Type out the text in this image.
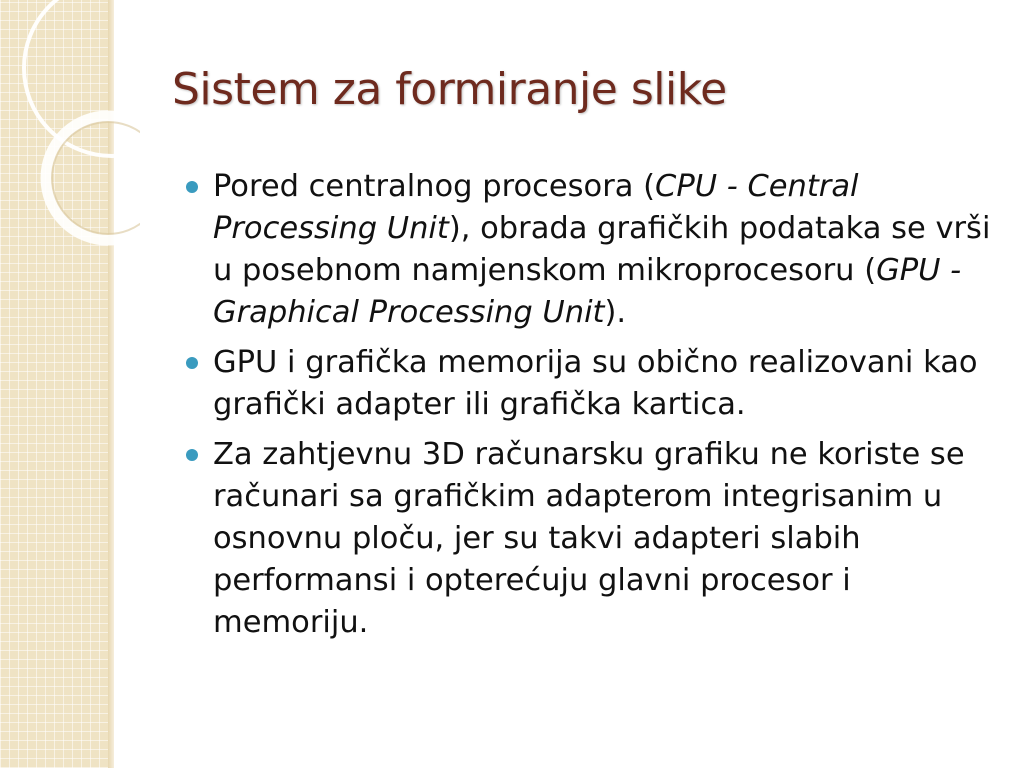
Sistem za formiranje slike
Pored centralnog procesora (CPU - Central Processing Unit), obrada grafičkih podataka se vrši u posebnom namjenskom mikroprocesoru (GPU - Graphical Processing Unit).
GPU i grafička memorija su obično realizovani kao grafički adapter ili grafička kartica.
Za zahtjevnu 3D računarsku grafiku ne koriste se računari sa grafičkim adapterom integrisanim u osnovnu ploču, jer su takvi adapteri slabih performansi i opterećuju glavni procesor i memoriju.
